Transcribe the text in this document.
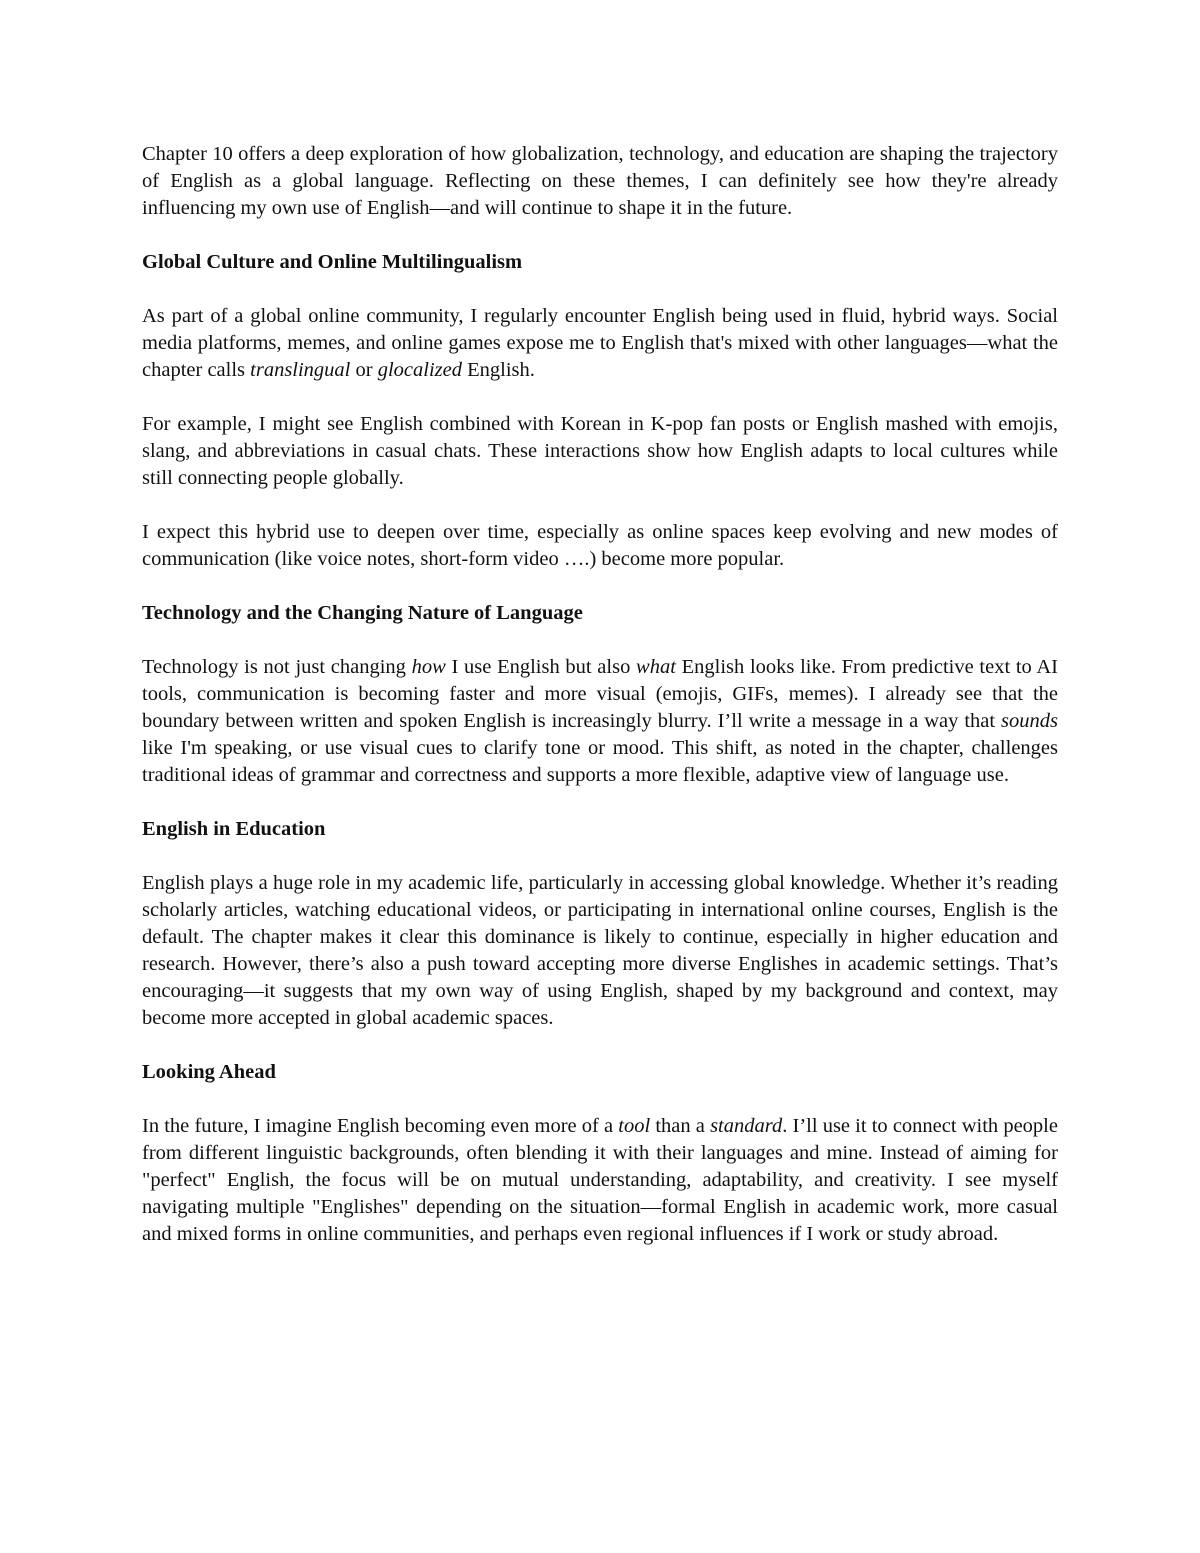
Chapter 10 offers a deep exploration of how globalization, technology, and education are shaping the trajectory of English as a global language. Reflecting on these themes, I can definitely see how they're already influencing my own use of English—and will continue to shape it in the future.

Global Culture and Online Multilingualism

As part of a global online community, I regularly encounter English being used in fluid, hybrid ways. Social media platforms, memes, and online games expose me to English that's mixed with other languages—what the chapter calls translingual or glocalized English.

For example, I might see English combined with Korean in K-pop fan posts or English mashed with emojis, slang, and abbreviations in casual chats. These interactions show how English adapts to local cultures while still connecting people globally.

I expect this hybrid use to deepen over time, especially as online spaces keep evolving and new modes of communication (like voice notes, short-form video ….) become more popular.

Technology and the Changing Nature of Language

Technology is not just changing how I use English but also what English looks like. From predictive text to AI tools, communication is becoming faster and more visual (emojis, GIFs, memes). I already see that the boundary between written and spoken English is increasingly blurry. I’ll write a message in a way that sounds like I'm speaking, or use visual cues to clarify tone or mood. This shift, as noted in the chapter, challenges traditional ideas of grammar and correctness and supports a more flexible, adaptive view of language use.

English in Education

English plays a huge role in my academic life, particularly in accessing global knowledge. Whether it’s reading scholarly articles, watching educational videos, or participating in international online courses, English is the default. The chapter makes it clear this dominance is likely to continue, especially in higher education and research. However, there’s also a push toward accepting more diverse Englishes in academic settings. That’s encouraging—it suggests that my own way of using English, shaped by my background and context, may become more accepted in global academic spaces.

Looking Ahead

In the future, I imagine English becoming even more of a tool than a standard. I’ll use it to connect with people from different linguistic backgrounds, often blending it with their languages and mine. Instead of aiming for "perfect" English, the focus will be on mutual understanding, adaptability, and creativity. I see myself navigating multiple "Englishes" depending on the situation—formal English in academic work, more casual and mixed forms in online communities, and perhaps even regional influences if I work or study abroad.
